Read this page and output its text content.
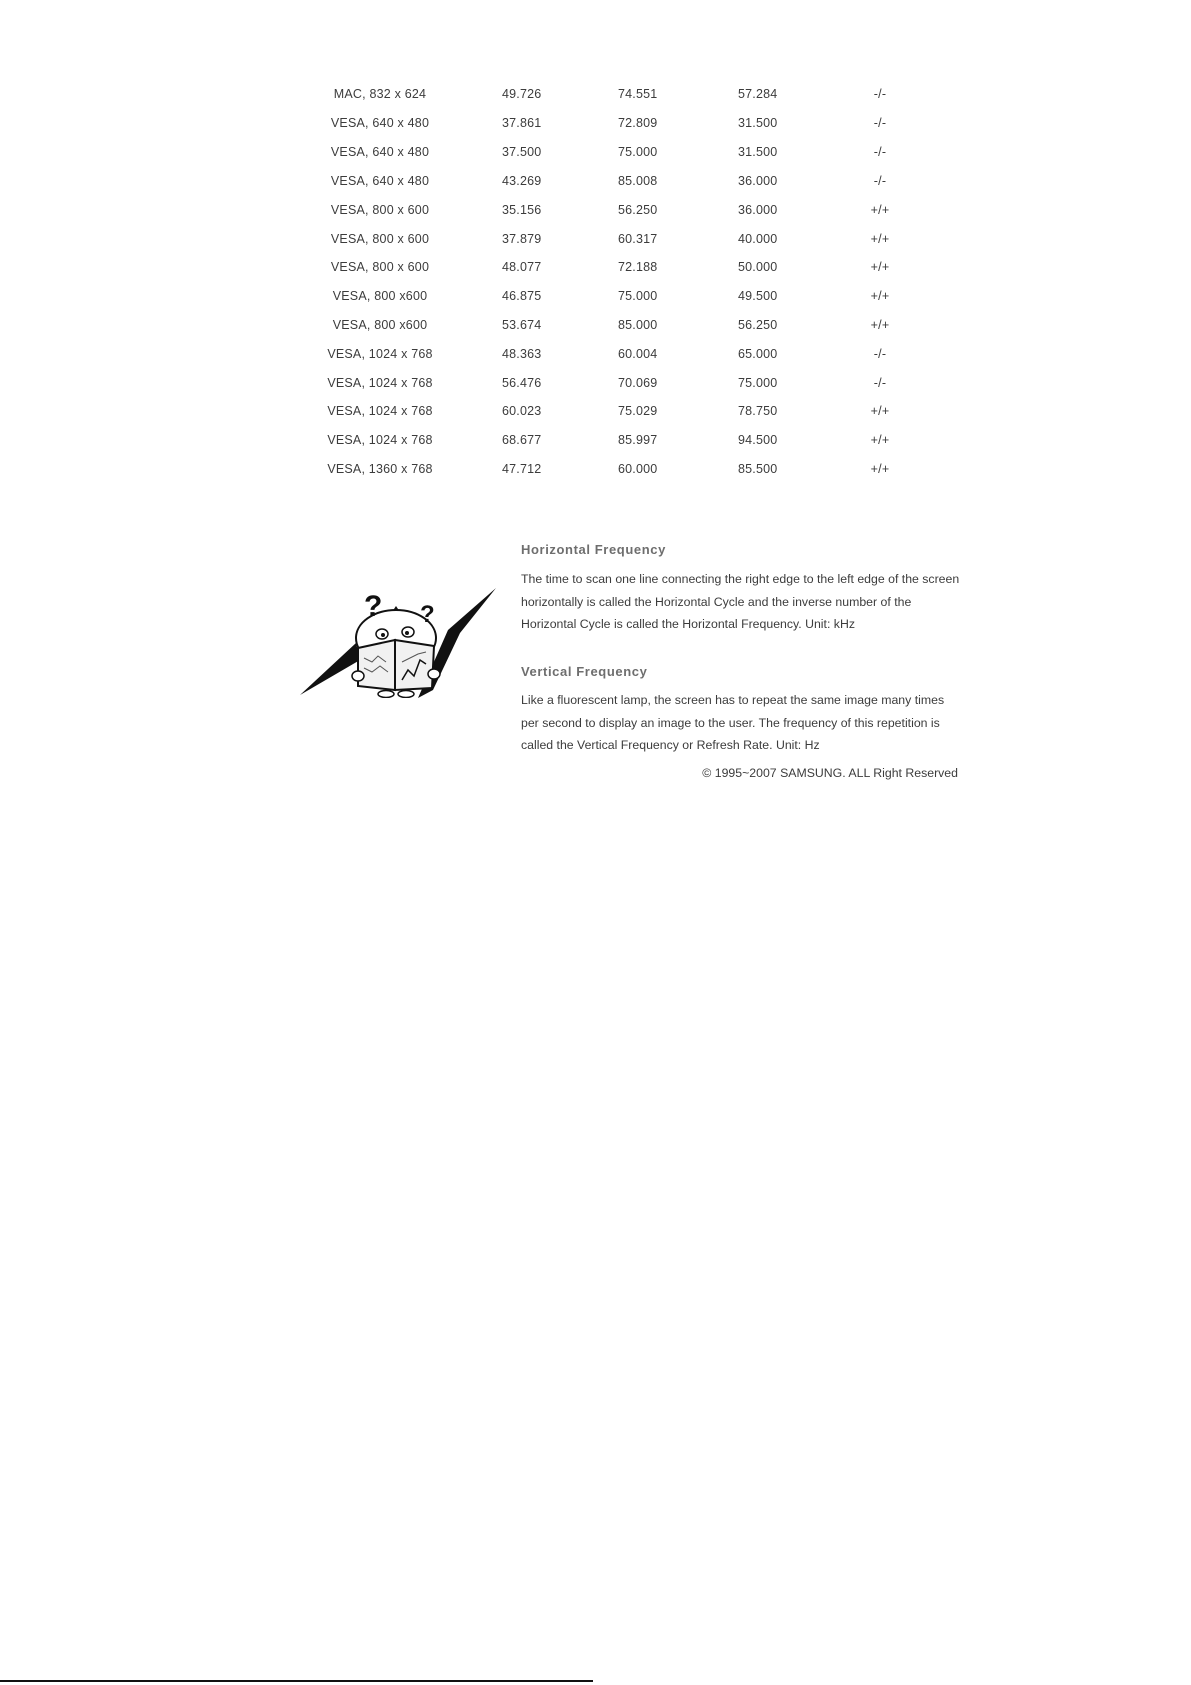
MAC, 832 x 624	49.726	74.551	57.284	-/-
VESA, 640 x 480	37.861	72.809	31.500	-/-
VESA, 640 x 480	37.500	75.000	31.500	-/-
VESA, 640 x 480	43.269	85.008	36.000	-/-
VESA, 800 x 600	35.156	56.250	36.000	+/+
VESA, 800 x 600	37.879	60.317	40.000	+/+
VESA, 800 x 600	48.077	72.188	50.000	+/+
VESA, 800 x600	46.875	75.000	49.500	+/+
VESA, 800 x600	53.674	85.000	56.250	+/+
VESA, 1024 x 768	48.363	60.004	65.000	-/-
VESA, 1024 x 768	56.476	70.069	75.000	-/-
VESA, 1024 x 768	60.023	75.029	78.750	+/+
VESA, 1024 x 768	68.677	85.997	94.500	+/+
VESA, 1360 x 768	47.712	60.000	85.500	+/+
? ?
Horizontal Frequency
The time to scan one line connecting the right edge to the left edge of the screen horizontally is called the Horizontal Cycle and the inverse number of the Horizontal Cycle is called the Horizontal Frequency. Unit: kHz
Vertical Frequency
Like a fluorescent lamp, the screen has to repeat the same image many times per second to display an image to the user. The frequency of this repetition is called the Vertical Frequency or Refresh Rate. Unit: Hz
© 1995~2007 SAMSUNG. ALL Right Reserved
